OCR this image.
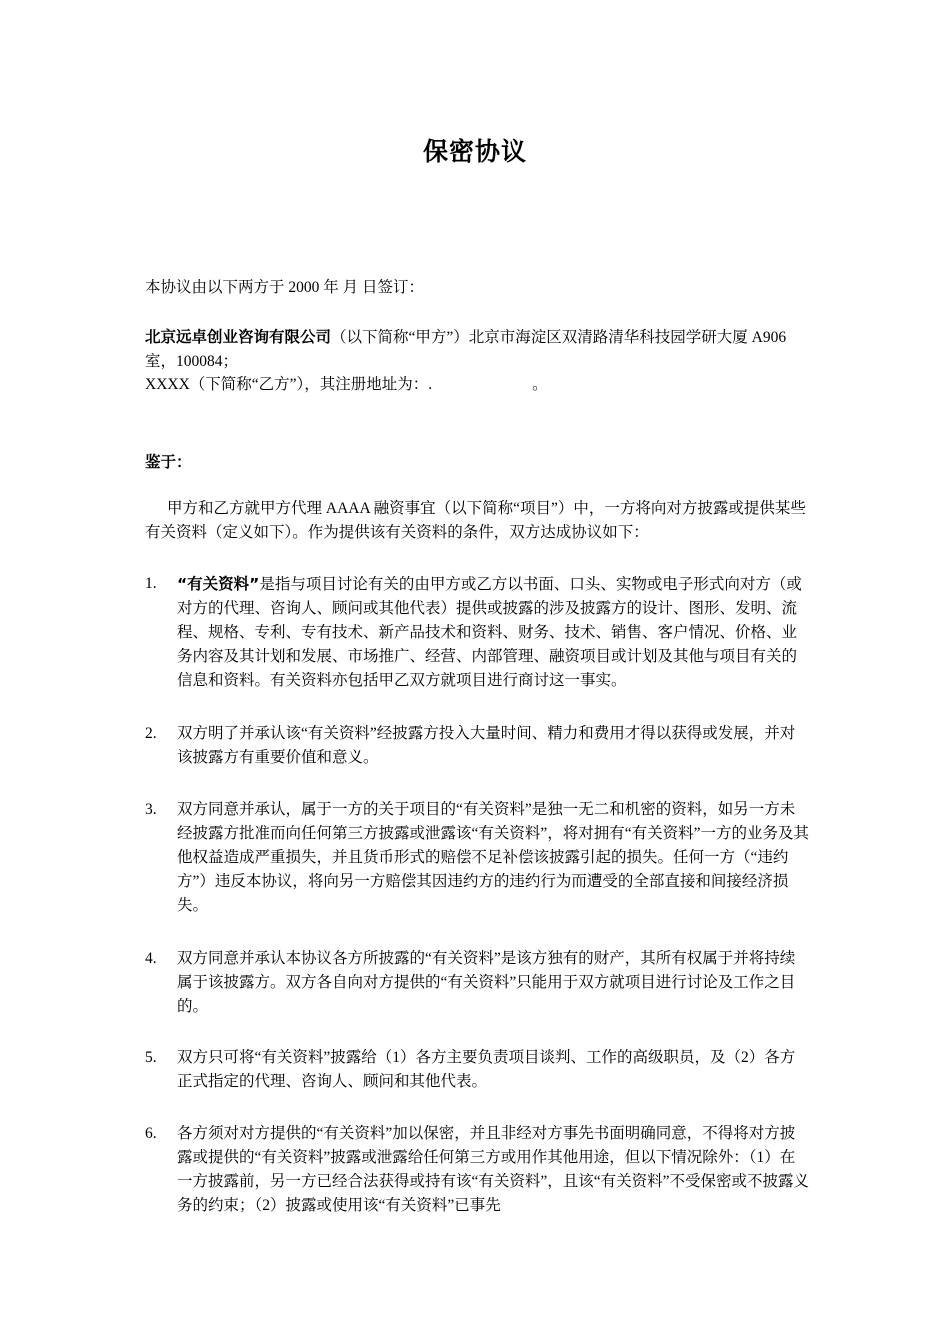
保密协议
本协议由以下两方于 2000 年 月 日签订：
北京远卓创业咨询有限公司（以下简称“甲方”）北京市海淀区双清路清华科技园学研大厦 A906 室，100084；
XXXX（下简称“乙方”），其注册地址为：.	。
鉴于：
甲方和乙方就甲方代理 AAAA 融资事宜（以下简称“项目”）中，一方将向对方披露或提供某些有关资料（定义如下）。作为提供该有关资料的条件，双方达成协议如下：
1.	“有关资料”是指与项目讨论有关的由甲方或乙方以书面、口头、实物或电子形式向对方（或对方的代理、咨询人、顾问或其他代表）提供或披露的涉及披露方的设计、图形、发明、流程、规格、专利、专有技术、新产品技术和资料、财务、技术、销售、客户情况、价格、业务内容及其计划和发展、市场推广、经营、内部管理、融资项目或计划及其他与项目有关的信息和资料。有关资料亦包括甲乙双方就项目进行商讨这一事实。
2.	双方明了并承认该“有关资料”经披露方投入大量时间、精力和费用才得以获得或发展，并对该披露方有重要价值和意义。
3.	双方同意并承认，属于一方的关于项目的“有关资料”是独一无二和机密的资料，如另一方未经披露方批准而向任何第三方披露或泄露该“有关资料”，将对拥有“有关资料”一方的业务及其他权益造成严重损失，并且货币形式的赔偿不足补偿该披露引起的损失。任何一方（“违约方”）违反本协议，将向另一方赔偿其因违约方的违约行为而遭受的全部直接和间接经济损失。
4.	双方同意并承认本协议各方所披露的“有关资料”是该方独有的财产，其所有权属于并将持续属于该披露方。双方各自向对方提供的“有关资料”只能用于双方就项目进行讨论及工作之目的。
5.	双方只可将“有关资料”披露给（1）各方主要负责项目谈判、工作的高级职员，及（2）各方正式指定的代理、咨询人、顾问和其他代表。
6.	各方须对对方提供的“有关资料”加以保密，并且非经对方事先书面明确同意，不得将对方披露或提供的“有关资料”披露或泄露给任何第三方或用作其他用途，但以下情况除外：（1）在一方披露前，另一方已经合法获得或持有该“有关资料”，且该“有关资料”不受保密或不披露义务的约束；（2）披露或使用该“有关资料”已事先
